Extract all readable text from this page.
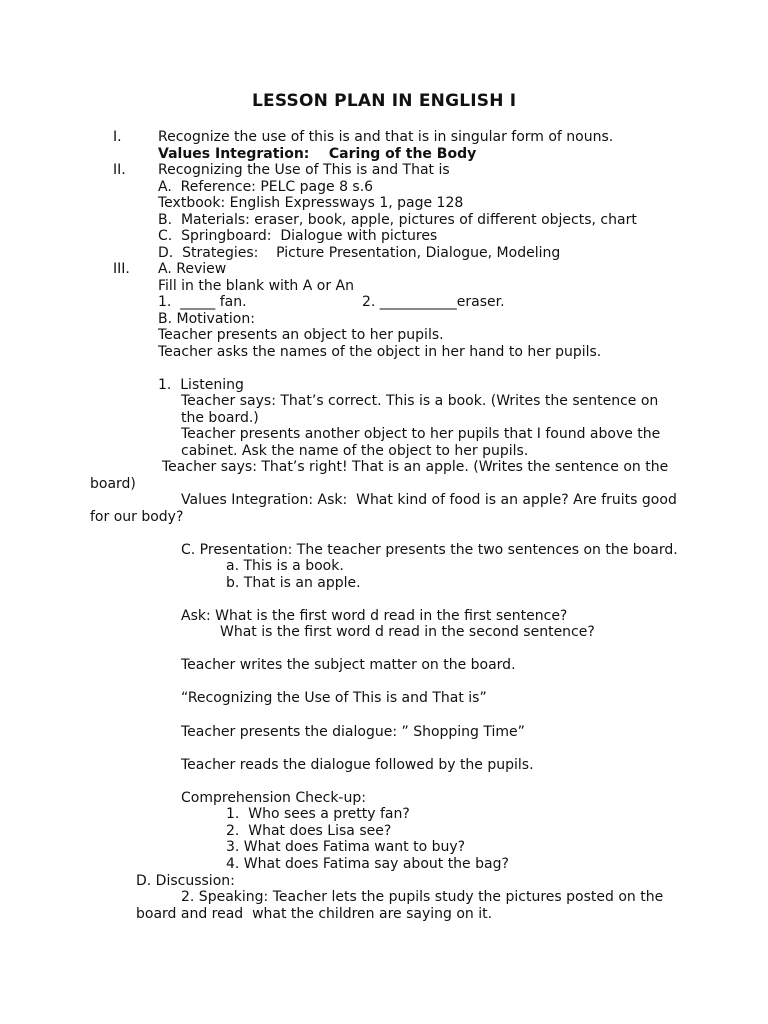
LESSON PLAN IN ENGLISH I
I.	Recognize the use of this is and that is in singular form of nouns.
Values Integration:    Caring of the Body
II. Recognizing the Use of This is and That is
A.  Reference: PELC page 8 s.6
Textbook: English Expressways 1, page 128
B.  Materials: eraser, book, apple, pictures of different objects, chart
C.  Springboard:  Dialogue with pictures
D.  Strategies:    Picture Presentation, Dialogue, Modeling
III. A. Review
Fill in the blank with A or An
1.  _____ fan.	2. ___________eraser.
B. Motivation:
Teacher presents an object to her pupils.
Teacher asks the names of the object in her hand to her pupils.
1.  Listening
Teacher says: That’s correct. This is a book. (Writes the sentence on
the board.)
Teacher presents another object to her pupils that I found above the
cabinet. Ask the name of the object to her pupils.
Teacher says: That’s right! That is an apple. (Writes the sentence on the
board)
Values Integration: Ask:  What kind of food is an apple? Are fruits good
for our body?
C. Presentation: The teacher presents the two sentences on the board.
a. This is a book.
b. That is an apple.
Ask: What is the first word d read in the first sentence?
What is the first word d read in the second sentence?
Teacher writes the subject matter on the board.
“Recognizing the Use of This is and That is”
Teacher presents the dialogue: ” Shopping Time”
Teacher reads the dialogue followed by the pupils.
Comprehension Check-up:
1.  Who sees a pretty fan?
2.  What does Lisa see?
3. What does Fatima want to buy?
4. What does Fatima say about the bag?
D. Discussion:
2. Speaking: Teacher lets the pupils study the pictures posted on the
board and read  what the children are saying on it.
